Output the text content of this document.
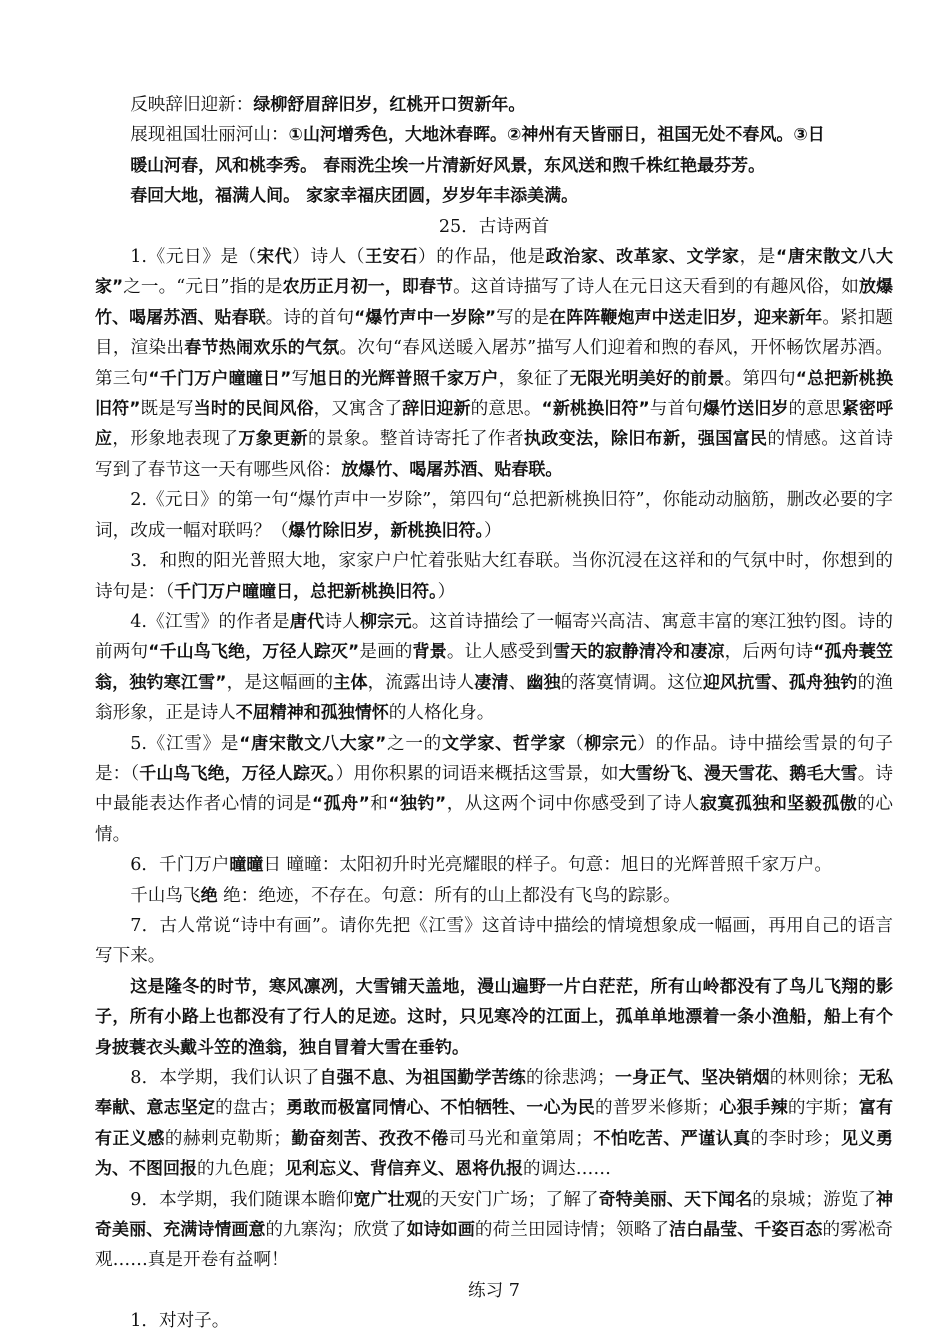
反映辞旧迎新：绿柳舒眉辞旧岁，红桃开口贺新年。

展现祖国壮丽河山：①山河增秀色，大地沐春晖。②神州有天皆丽日，祖国无处不春风。③日

暖山河春，风和桃李秀。 春雨洗尘埃一片清新好风景，东风送和煦千株红艳最芬芳。

春回大地，福满人间。 家家幸福庆团圆，岁岁年丰添美满。

25．古诗两首

1.《元日》是（宋代）诗人（王安石）的作品，他是政治家、改革家、文学家，是“唐宋散文八大家”之一。“元日”指的是农历正月初一，即春节。这首诗描写了诗人在元日这天看到的有趣风俗，如放爆竹、喝屠苏酒、贴春联。诗的首句“爆竹声中一岁除”写的是在阵阵鞭炮声中送走旧岁，迎来新年。紧扣题目，渲染出春节热闹欢乐的气氛。次句“春风送暖入屠苏”描写人们迎着和煦的春风，开怀畅饮屠苏酒。第三句“千门万户曈曈日”写旭日的光辉普照千家万户，象征了无限光明美好的前景。第四句“总把新桃换旧符”既是写当时的民间风俗，又寓含了辞旧迎新的意思。“新桃换旧符”与首句爆竹送旧岁的意思紧密呼应，形象地表现了万象更新的景象。整首诗寄托了作者执政变法，除旧布新，强国富民的情感。这首诗写到了春节这一天有哪些风俗：放爆竹、喝屠苏酒、贴春联。

2.《元日》的第一句“爆竹声中一岁除”，第四句“总把新桃换旧符”，你能动动脑筋，删改必要的字词，改成一幅对联吗？（爆竹除旧岁，新桃换旧符。）

3．和煦的阳光普照大地，家家户户忙着张贴大红春联。当你沉浸在这祥和的气氛中时，你想到的诗句是：（千门万户曈曈日，总把新桃换旧符。）

4.《江雪》的作者是唐代诗人柳宗元。这首诗描绘了一幅寄兴高洁、寓意丰富的寒江独钓图。诗的前两句“千山鸟飞绝，万径人踪灭”是画的背景。让人感受到雪天的寂静清冷和凄凉，后两句诗“孤舟蓑笠翁，独钓寒江雪”，是这幅画的主体，流露出诗人凄清、幽独的落寞情调。这位迎风抗雪、孤舟独钓的渔翁形象，正是诗人不屈精神和孤独情怀的人格化身。

5.《江雪》是“唐宋散文八大家”之一的文学家、哲学家（柳宗元）的作品。诗中描绘雪景的句子是：（千山鸟飞绝，万径人踪灭。）用你积累的词语来概括这雪景，如大雪纷飞、漫天雪花、鹅毛大雪。诗中最能表达作者心情的词是“孤舟”和“独钓”，从这两个词中你感受到了诗人寂寞孤独和坚毅孤傲的心情。

6．千门万户曈曈日 曈曈：太阳初升时光亮耀眼的样子。句意：旭日的光辉普照千家万户。

千山鸟飞绝 绝：绝迹，不存在。句意：所有的山上都没有飞鸟的踪影。

7．古人常说“诗中有画”。请你先把《江雪》这首诗中描绘的情境想象成一幅画，再用自己的语言写下来。

这是隆冬的时节，寒风凛冽，大雪铺天盖地，漫山遍野一片白茫茫，所有山岭都没有了鸟儿飞翔的影子，所有小路上也都没有了行人的足迹。这时，只见寒冷的江面上，孤单单地漂着一条小渔船，船上有个身披蓑衣头戴斗笠的渔翁，独自冒着大雪在垂钓。

8．本学期，我们认识了自强不息、为祖国勤学苦练的徐悲鸿；一身正气、坚决销烟的林则徐；无私奉献、意志坚定的盘古；勇敢而极富同情心、不怕牺牲、一心为民的普罗米修斯；心狠手辣的宇斯；富有有正义感的赫剌克勒斯；勤奋刻苦、孜孜不倦司马光和童第周；不怕吃苦、严谨认真的李时珍；见义勇为、不图回报的九色鹿；见利忘义、背信弃义、恩将仇报的调达……

9．本学期，我们随课本瞻仰宽广壮观的天安门广场；了解了奇特美丽、天下闻名的泉城；游览了神奇美丽、充满诗情画意的九寨沟；欣赏了如诗如画的荷兰田园诗情；领略了洁白晶莹、千姿百态的雾凇奇观……真是开卷有益啊！

练习 7

1．对对子。
